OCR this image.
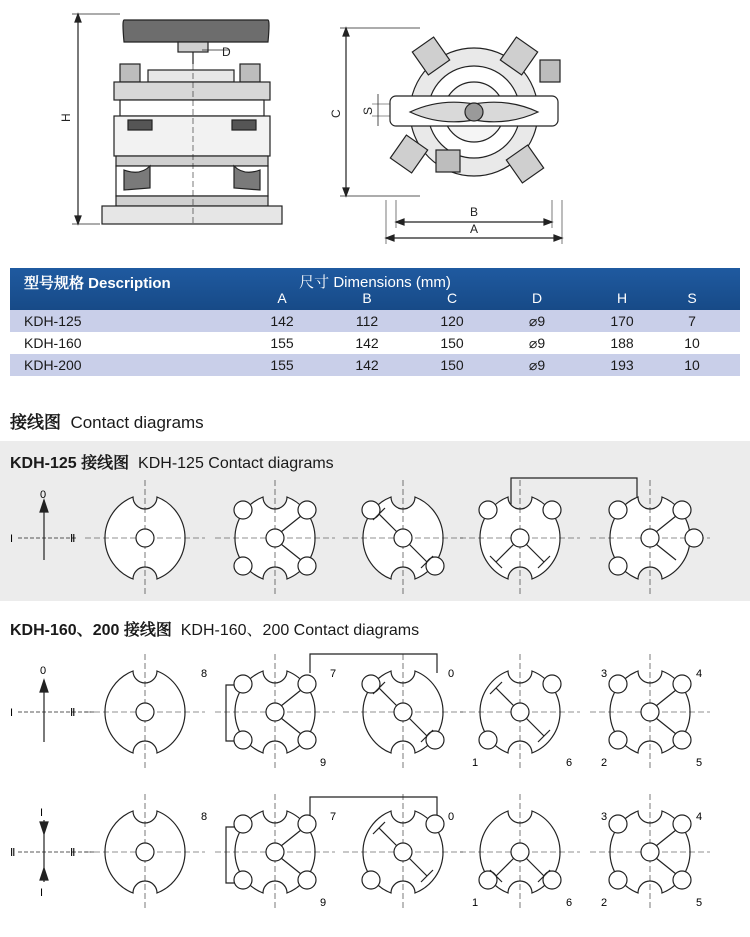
D
H
B
A
C S
型号规格 Description	尺寸 Dimensions (mm)
A	B	C	D	H	S
KDH-125	142	112	120	⌀9	170	7
KDH-160	155	142	150	⌀9	188	10
KDH-200	155	142	150	⌀9	193	10
接线图 Contact diagrams
KDH-125 接线图 KDH-125 Contact diagrams
KDH-160、200 接线图 KDH-160、200 Contact diagrams
0
I	Ⅱ
0
I	Ⅱ
I
Ⅱ	Ⅱ
I
8	7	0
9	1	6
3	4
2	5
8	7	0
9	1	6
3	4
2	5
